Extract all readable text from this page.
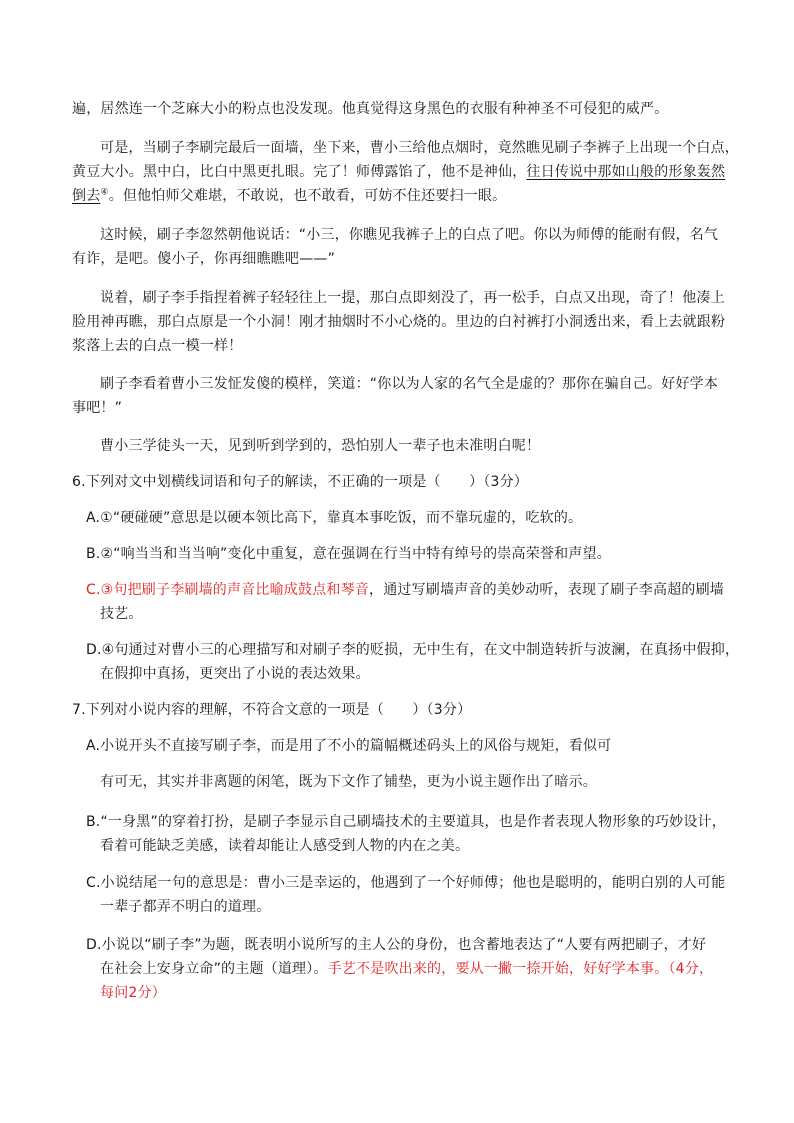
遍，居然连一个芝麻大小的粉点也没发现。他真觉得这身黑色的衣服有种神圣不可侵犯的威严。
可是，当刷子李刷完最后一面墙，坐下来，曹小三给他点烟时，竟然瞧见刷子李裤子上出现一个白点，
黄豆大小。黑中白，比白中黑更扎眼。完了！师傅露馅了，他不是神仙，往日传说中那如山般的形象轰然
倒去④。但他怕师父难堪，不敢说，也不敢看，可妨不住还要扫一眼。
这时候，刷子李忽然朝他说话：“小三，你瞧见我裤子上的白点了吧。你以为师傅的能耐有假，名气
有诈，是吧。傻小子，你再细瞧瞧吧——”
说着，刷子李手指捏着裤子轻轻往上一提，那白点即刻没了，再一松手，白点又出现，奇了！他凑上
脸用神再瞧，那白点原是一个小洞！刚才抽烟时不小心烧的。里边的白衬裤打小洞透出来，看上去就跟粉
浆落上去的白点一模一样！
刷子李看着曹小三发怔发傻的模样，笑道：“你以为人家的名气全是虚的？那你在骗自己。好好学本
事吧！”
曹小三学徒头一天，见到听到学到的，恐怕别人一辈子也未准明白呢！
6.下列对文中划横线词语和句子的解读，不正确的一项是（　　）（3分）
A.①“硬碰硬”意思是以硬本领比高下，靠真本事吃饭，而不靠玩虚的，吃软的。
B.②“响当当和当当响”变化中重复，意在强调在行当中特有绰号的崇高荣誉和声望。
C.③句把刷子李刷墙的声音比喻成鼓点和琴音，通过写刷墙声音的美妙动听，表现了刷子李高超的刷墙
技艺。
D.④句通过对曹小三的心理描写和对刷子李的贬损，无中生有，在文中制造转折与波澜，在真扬中假抑，
在假抑中真扬，更突出了小说的表达效果。
7.下列对小说内容的理解，不符合文意的一项是（　　）（3分）
A.小说开头不直接写刷子李，而是用了不小的篇幅概述码头上的风俗与规矩，看似可
有可无，其实并非离题的闲笔，既为下文作了铺垫，更为小说主题作出了暗示。
B.“一身黑”的穿着打扮，是刷子李显示自己刷墙技术的主要道具，也是作者表现人物形象的巧妙设计，
看着可能缺乏美感，读着却能让人感受到人物的内在之美。
C.小说结尾一句的意思是：曹小三是幸运的，他遇到了一个好师傅；他也是聪明的，能明白别的人可能
一辈子都弄不明白的道理。
D.小说以“刷子李”为题，既表明小说所写的主人公的身份，也含蓄地表达了“人要有两把刷子，才好
在社会上安身立命”的主题（道理）。手艺不是吹出来的，要从一撇一捺开始，好好学本事。（4分，
每问2分）
